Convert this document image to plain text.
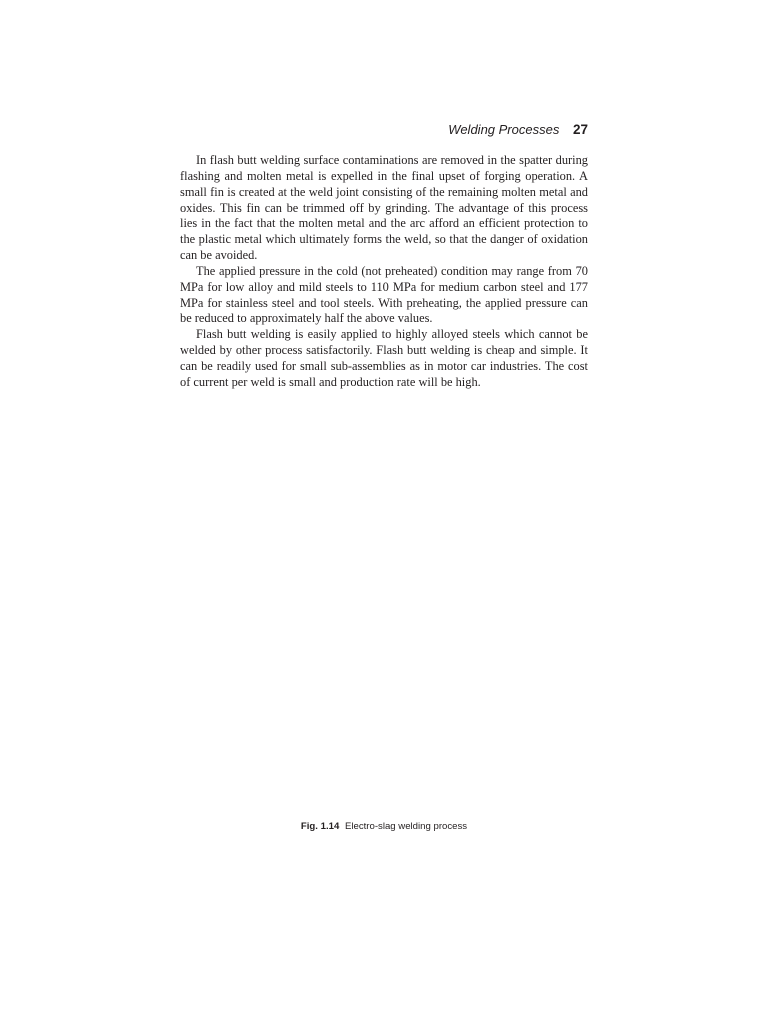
Welding Processes 27

In flash butt welding surface contaminations are removed in the spatter during flashing and molten metal is expelled in the final upset of forging operation. A small fin is created at the weld joint consisting of the remaining molten metal and oxides. This fin can be trimmed off by grinding. The advantage of this process lies in the fact that the molten metal and the arc afford an efficient protection to the plastic metal which ultimately forms the weld, so that the danger of oxidation can be avoided.

The applied pressure in the cold (not preheated) condition may range from 70 MPa for low alloy and mild steels to 110 MPa for medium carbon steel and 177 MPa for stainless steel and tool steels. With preheating, the applied pressure can be reduced to approximately half the above values.

Flash butt welding is easily applied to highly alloyed steels which cannot be welded by other process satisfactorily. Flash butt welding is cheap and simple. It can be readily used for small sub-assemblies as in motor car industries. The cost of current per weld is small and production rate will be high.

Fig. 1.14 Electro-slag welding process
